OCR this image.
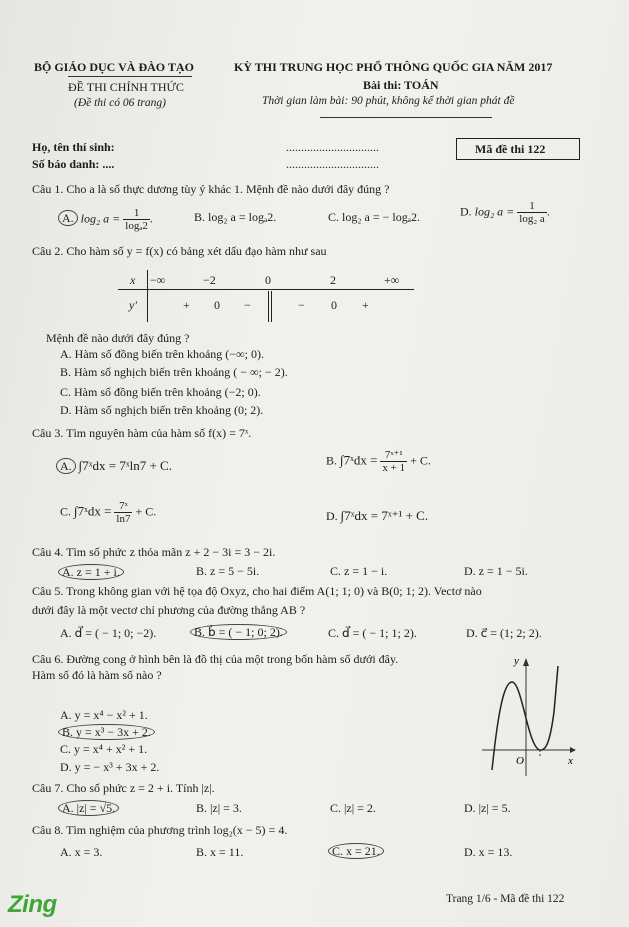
BỘ GIÁO DỤC VÀ ĐÀO TẠO
ĐỀ THI CHÍNH THỨC
(Đề thi có 06 trang)
KỲ THI TRUNG HỌC PHỔ THÔNG QUỐC GIA NĂM 2017
Bài thi: TOÁN
Thời gian làm bài: 90 phút, không kể thời gian phát đề
Họ, tên thí sinh:	...............................
Số báo danh: ....	...............................
Mã đề thi 122
Câu 1. Cho a là số thực dương tùy ý khác 1. Mệnh đề nào dưới đây đúng ?
A. log₂ $a = \frac{1}{\text{logₐ2}}$ .	B. log₂ a = logₐ2.	C. log₂ a = − logₐ2.	D. log₂ $a = \frac{1}{\text{log₂ a}}$ .
Câu 2. Cho hàm số y = f(x) có bảng xét dấu đạo hàm như sau
x −∞	−2	0	2	+∞
y'	+ 0 −	− 0 +
Mệnh đề nào dưới đây đúng ?
A. Hàm số đồng biến trên khoảng (−∞; 0).
B. Hàm số nghịch biến trên khoảng ( − ∞; − 2).
C. Hàm số đồng biến trên khoảng (−2; 0).
D. Hàm số nghịch biến trên khoảng (0; 2).
Câu 3. Tìm nguyên hàm của hàm số f(x) = 7ˣ.
A. ∫7ˣdx = 7ˣln7 + C.	B. ∫7ˣdx = $\frac{\text{7ˣ⁺¹}}{x + 1} + C$.
C. ∫7ˣdx = $\frac{\text{7ˣ}}{\ln 7} + C$.	D. ∫7ˣdx = 7ˣ⁺¹ + C.
Câu 4. Tìm số phức z thỏa mãn z + 2 − 3i = 3 − 2i.
A. z = 1 + i.	B. z = 5 − 5i.	C. z = 1 − i.	D. z = 1 − 5i.
Câu 5. Trong không gian với hệ tọa độ Oxyz, cho hai điểm A(1; 1; 0) và B(0; 1; 2). Vectơ nào
dưới đây là một vectơ chỉ phương của đường thẳng AB ?
A. d⃗ = ( − 1; 0; −2).	B. b⃗ = ( − 1; 0; 2).	C. d⃗ = ( − 1; 1; 2).	D. c⃗ = (1; 2; 2).
Câu 6. Đường cong ở hình bên là đồ thị của một trong bốn hàm số dưới đây.
Hàm số đó là hàm số nào ?
A. y = x⁴ − x² + 1.
B. y = x³ − 3x + 2.
C. y = x⁴ + x² + 1.
D. y = − x³ + 3x + 2.
y
x
O
Câu 7. Cho số phức z = 2 + i. Tính |z|.
A. |z| = √5.	B. |z| = 3.	C. |z| = 2.	D. |z| = 5.
Câu 8. Tìm nghiệm của phương trình log₂(x − 5) = 4.
A. x = 3.	B. x = 11.	C. x = 21.	D. x = 13.
Trang 1/6 - Mã đề thi 122
Zing.vn
